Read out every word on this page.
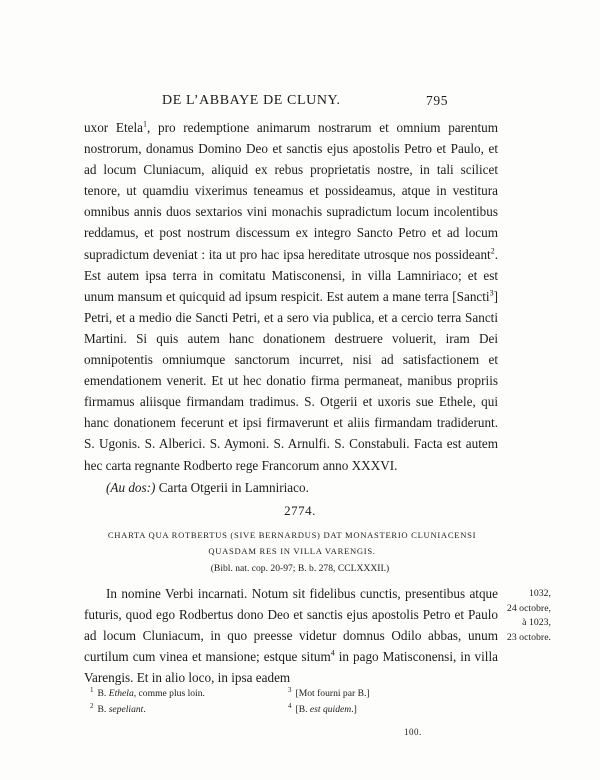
DE L’ABBAYE DE CLUNY.	795

uxor Etela$^1$, pro redemptione animarum nostrarum et omnium parentum nostrorum, donamus Domino Deo et sanctis ejus apostolis Petro et Paulo, et ad locum Cluniacum, aliquid ex rebus proprietatis nostre, in tali scilicet tenore, ut quamdiu vixerimus teneamus et possideamus, atque in vestitura omnibus annis duos sextarios vini monachis supradictum locum incolentibus reddamus, et post nostrum discessum ex integro Sancto Petro et ad locum supradictum deveniat : ita ut pro hac ipsa hereditate utrosque nos possideant$^2$. Est autem ipsa terra in comitatu Matisconensi, in villa Lamniriaco; et est unum mansum et quicquid ad ipsum respicit. Est autem a mane terra [Sancti$^3$] Petri, et a medio die Sancti Petri, et a sero via publica, et a cercio terra Sancti Martini. Si quis autem hanc donationem destruere voluerit, iram Dei omnipotentis omniumque sanctorum incurret, nisi ad satisfactionem et emendationem venerit. Et ut hec donatio firma permaneat, manibus propriis firmamus aliisque firmandam tradimus. S. Otgerii et uxoris sue Ethele, qui hanc donationem fecerunt et ipsi firmaverunt et aliis firmandam tradiderunt. S. Ugonis. S. Alberici. S. Aymoni. S. Arnulfi. S. Constabuli. Facta est autem hec carta regnante Rodberto rege Francorum anno XXXVI.

(Au dos:) Carta Otgerii in Lamniriaco.

2774.
CHARTA QUA ROTBERTUS (SIVE BERNARDUS) DAT MONASTERIO CLUNIACENSI
QUASDAM RES IN VILLA VARENGIS.
(Bibl. nat. cop. 20-97; B. b. 278, CCLXXXII.)

In nomine Verbi incarnati. Notum sit fidelibus cunctis, presentibus atque futuris, quod ego Rodbertus dono Deo et sanctis ejus apostolis Petro et Paulo ad locum Cluniacum, in quo preesse videtur domnus Odilo abbas, unum curtilum cum vinea et mansione; estque situm$^4$ in pago Matisconensi, in villa Varengis. Et in alio loco, in ipsa eadem

1032,
24 octobre,
à 1023,
23 octobre.
$^1$ B. Ethela, comme plus loin.
$^2$ B. sepeliant.
$^3$ [Mot fourni par B.]
$^4$ [B. est quidem.]
100.
